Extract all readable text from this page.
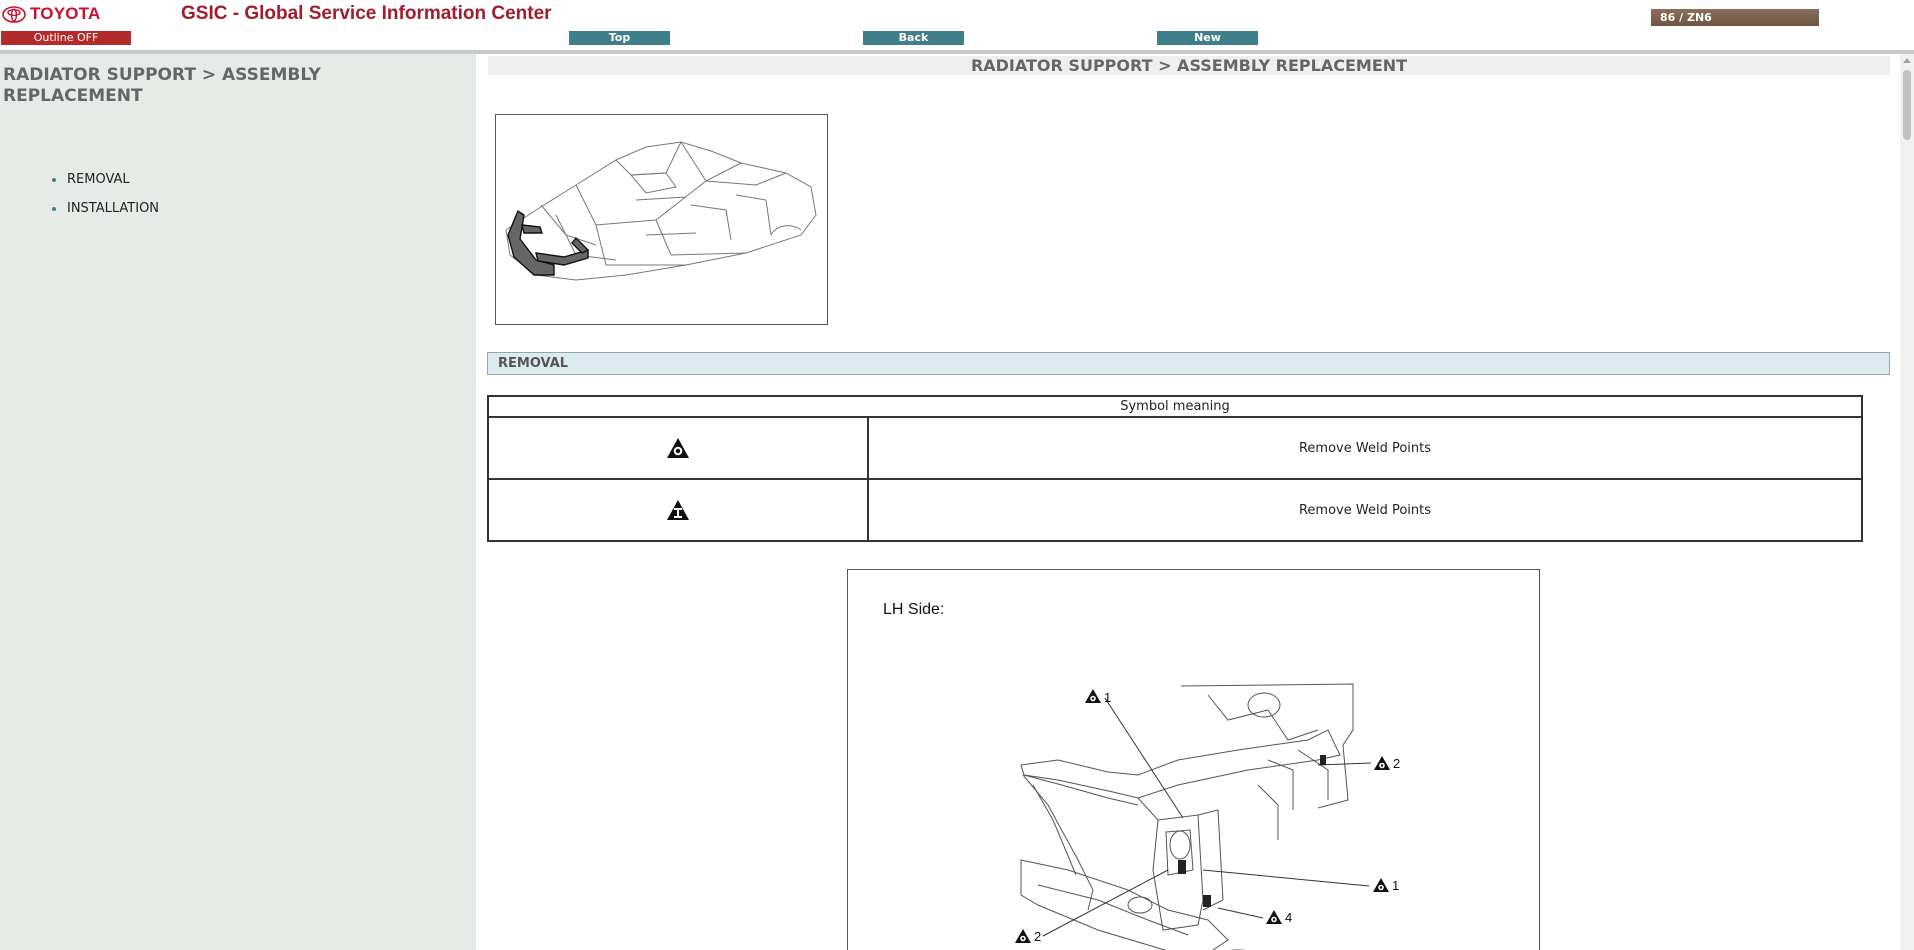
TOYOTA	GSIC - Global Service Information Center
Outline OFF	Top	Back	New
86 / ZN6
RADIATOR SUPPORT > ASSEMBLY REPLACEMENT
REMOVAL
INSTALLATION
RADIATOR SUPPORT > ASSEMBLY REPLACEMENT
REMOVAL
Symbol meaning	
	Remove Weld Points
	Remove Weld Points
LH Side:
1
2
1
4
2
